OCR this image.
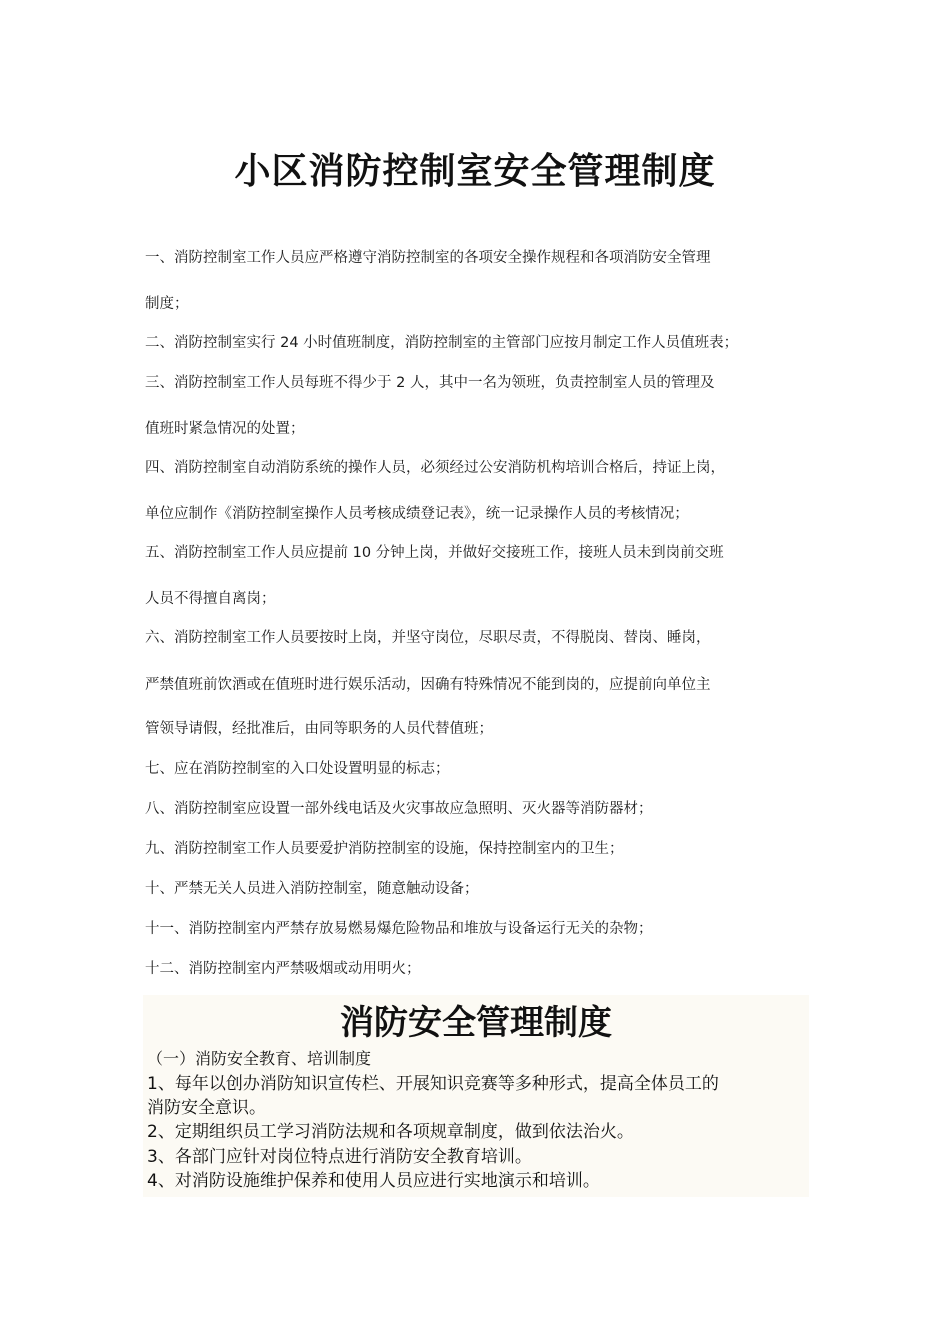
小区消防控制室安全管理制度
一、消防控制室工作人员应严格遵守消防控制室的各项安全操作规程和各项消防安全管理
制度；
二、消防控制室实行 24 小时值班制度，消防控制室的主管部门应按月制定工作人员值班表；
三、消防控制室工作人员每班不得少于 2 人，其中一名为领班，负责控制室人员的管理及
值班时紧急情况的处置；
四、消防控制室自动消防系统的操作人员，必须经过公安消防机构培训合格后，持证上岗，
单位应制作《消防控制室操作人员考核成绩登记表》，统一记录操作人员的考核情况；
五、消防控制室工作人员应提前 10 分钟上岗，并做好交接班工作，接班人员未到岗前交班
人员不得擅自离岗；
六、消防控制室工作人员要按时上岗，并坚守岗位，尽职尽责，不得脱岗、替岗、睡岗，
严禁值班前饮酒或在值班时进行娱乐活动，因确有特殊情况不能到岗的，应提前向单位主
管领导请假，经批准后，由同等职务的人员代替值班；
七、应在消防控制室的入口处设置明显的标志；
八、消防控制室应设置一部外线电话及火灾事故应急照明、灭火器等消防器材；
九、消防控制室工作人员要爱护消防控制室的设施，保持控制室内的卫生；
十、严禁无关人员进入消防控制室，随意触动设备；
十一、消防控制室内严禁存放易燃易爆危险物品和堆放与设备运行无关的杂物；
十二、消防控制室内严禁吸烟或动用明火；
消防安全管理制度
（一）消防安全教育、培训制度
1、每年以创办消防知识宣传栏、开展知识竞赛等多种形式，提高全体员工的
消防安全意识。
2、定期组织员工学习消防法规和各项规章制度，做到依法治火。
3、各部门应针对岗位特点进行消防安全教育培训。
4、对消防设施维护保养和使用人员应进行实地演示和培训。
